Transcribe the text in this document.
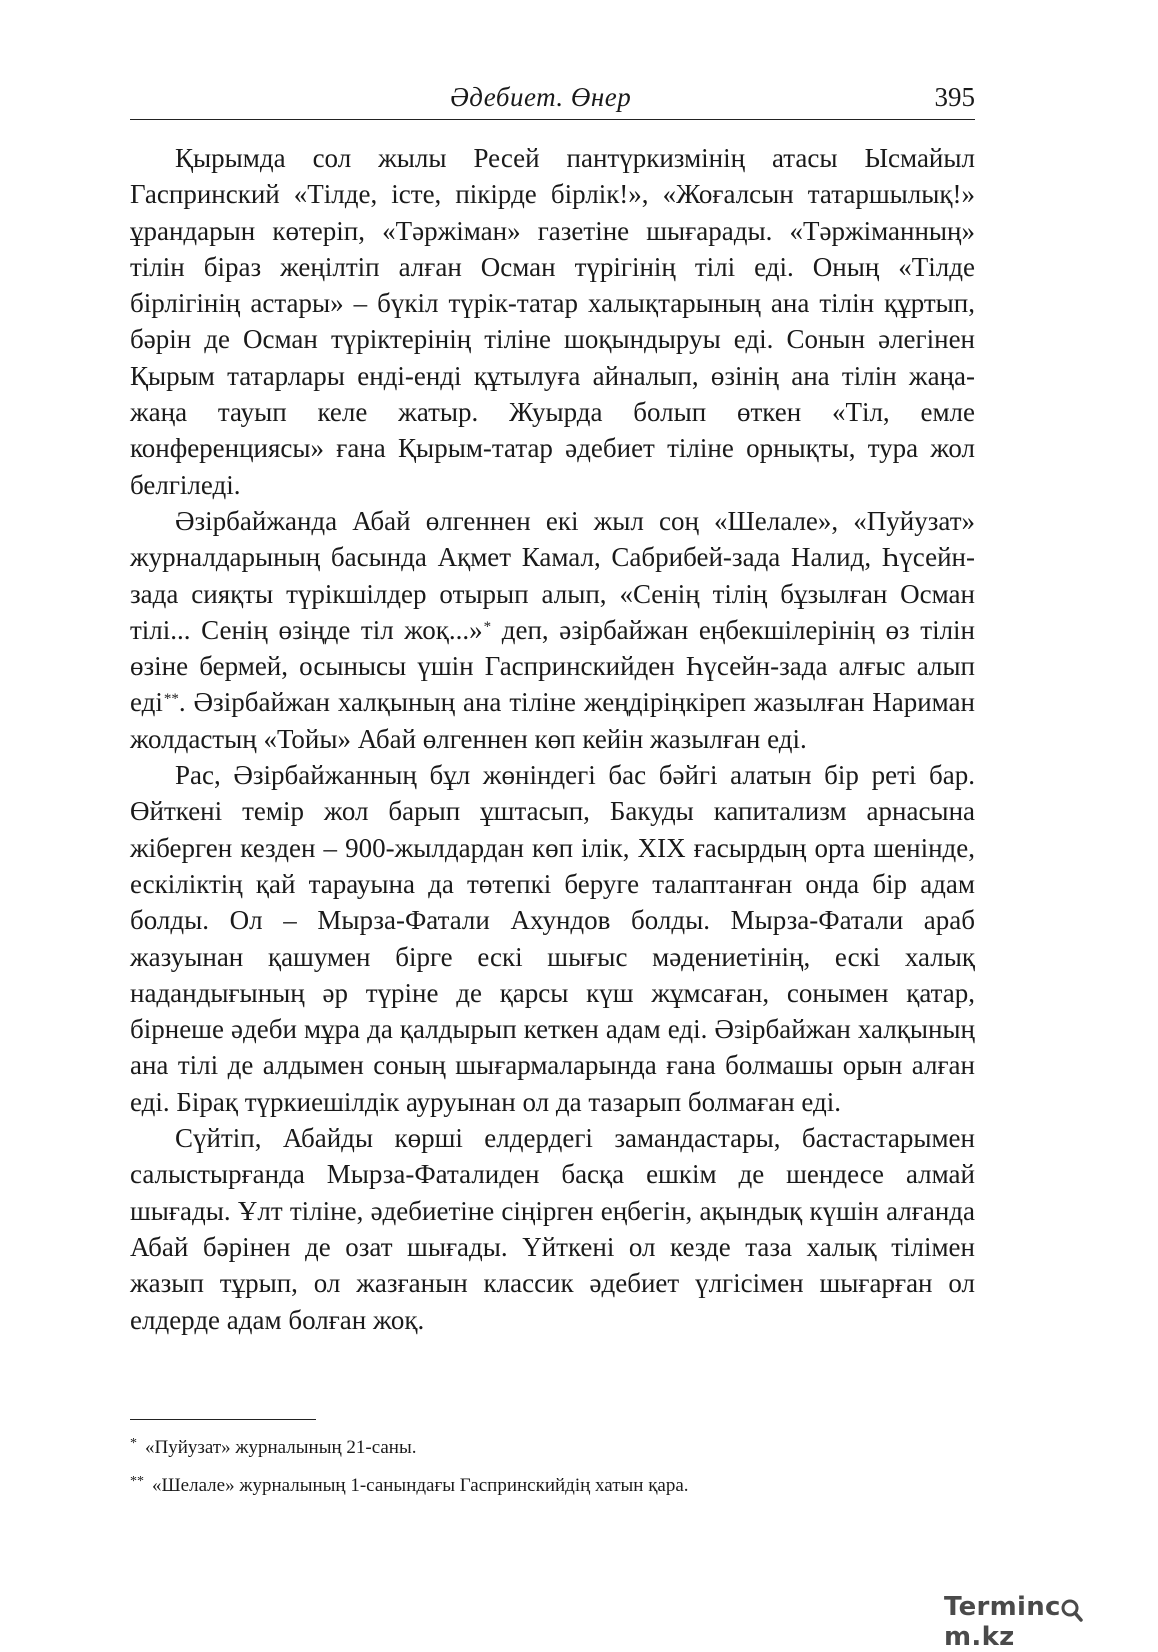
Әдебиет. Өнер	395

Қырымда сол жылы Ресей пантүркизмінің атасы Ысмайыл Гаспринский «Тілде, істе, пікірде бірлік!», «Жоғалсын татаршылық!» ұрандарын көтеріп, «Тәржіман» газетіне шығарады. «Тәржіманның» тілін біраз жеңілтіп алған Осман түрігінің тілі еді. Оның «Тілде бірлігінің астары» – бүкіл түрік-татар халықтарының ана тілін құртып, бәрін де Осман түріктерінің тіліне шоқындыруы еді. Сонын әлегінен Қырым татарлары енді-енді құтылуға айналып, өзінің ана тілін жаңа-жаңа тауып келе жатыр. Жуырда болып өткен «Тіл, емле конференциясы» ғана Қырым-татар әдебиет тіліне орнықты, тура жол белгіледі.

Әзірбайжанда Абай өлгеннен екі жыл соң «Шелале», «Пуйузат» журналдарының басында Ақмет Камал, Сабрибей-зада Налид, Һүсейн-зада сияқты түрікшілдер отырып алып, «Сенің тілің бұзылған Осман тілі... Сенің өзіңде тіл жоқ...»* деп, әзірбайжан еңбекшілерінің өз тілін өзіне бермей, осынысы үшін Гаспринскийден Һүсейн-зада алғыс алып еді**. Әзірбайжан халқының ана тіліне жеңдіріңкіреп жазылған Нариман жолдастың «Тойы» Абай өлгеннен көп кейін жазылған еді.

Рас, Әзірбайжанның бұл жөніндегі бас бәйгі алатын бір реті бар. Өйткені темір жол барып ұштасып, Бакуды капитализм арнасына жіберген кезден – 900-жылдардан көп ілік, XIX ғасырдың орта шенінде, ескіліктің қай тарауына да төтепкі беруге талаптанған онда бір адам болды. Ол – Мырза-Фатали Ахундов болды. Мырза-Фатали араб жазуынан қашумен бірге ескі шығыс мәдениетінің, ескі халық надандығының әр түріне де қарсы күш жұмсаған, сонымен қатар, бірнеше әдеби мұра да қалдырып кеткен адам еді. Әзірбайжан халқының ана тілі де алдымен соның шығармаларында ғана болмашы орын алған еді. Бірақ түркиешілдік ауруынан ол да тазарып болмаған еді.

Сүйтіп, Абайды көрші елдердегі замандастары, бастастарымен салыстырғанда Мырза-Фаталиден басқа ешкім де шендесе алмай шығады. Ұлт тіліне, әдебиетіне сіңірген еңбегін, ақындық күшін алғанда Абай бәрінен де озат шығады. Үйткені ол кезде таза халық тілімен жазып тұрып, ол жазғанын классик әдебиет үлгісімен шығарған ол елдерде адам болған жоқ.

* «Пуйузат» журналының 21-саны.
** «Шелале» журналының 1-санындағы Гаспринскийдің хатын қара.
Termincm.kz
